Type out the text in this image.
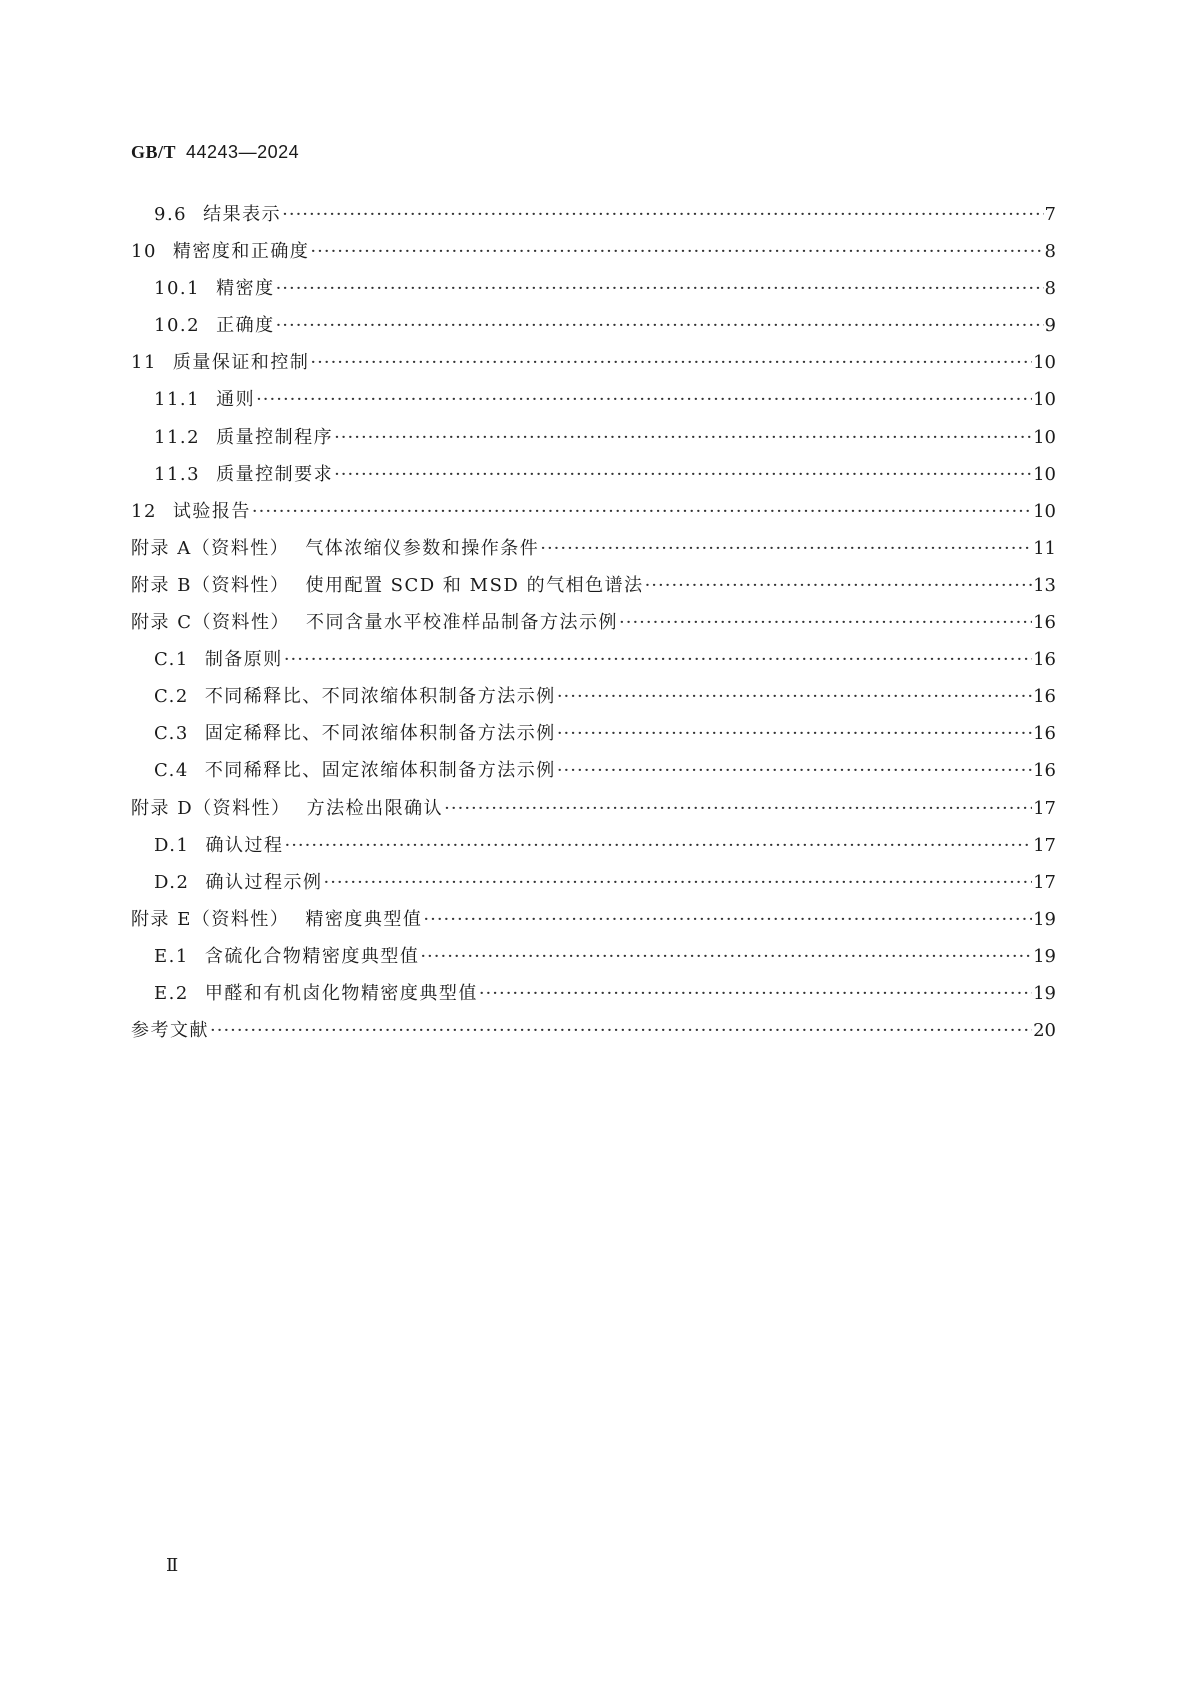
GB/T 44243—2024
9.6 结果表示 ·····	7
10 精密度和正确度 ·····	8
10.1 精密度 ·····	8
10.2 正确度 ·····	9
11 质量保证和控制 ·····	10
11.1 通则 ·····	10
11.2 质量控制程序 ·····	10
11.3 质量控制要求 ·····	10
12 试验报告 ·····	10
附录 A（资料性） 气体浓缩仪参数和操作条件 ·····	11
附录 B（资料性） 使用配置 SCD 和 MSD 的气相色谱法 ·····	13
附录 C（资料性） 不同含量水平校准样品制备方法示例 ·····	16
C.1 制备原则 ·····	16
C.2 不同稀释比、不同浓缩体积制备方法示例 ·····	16
C.3 固定稀释比、不同浓缩体积制备方法示例 ·····	16
C.4 不同稀释比、固定浓缩体积制备方法示例 ·····	16
附录 D（资料性） 方法检出限确认 ·····	17
D.1 确认过程 ·····	17
D.2 确认过程示例 ·····	17
附录 E（资料性） 精密度典型值 ·····	19
E.1 含硫化合物精密度典型值 ·····	19
E.2 甲醛和有机卤化物精密度典型值 ·····	19
参考文献 ·····	20
Ⅱ
